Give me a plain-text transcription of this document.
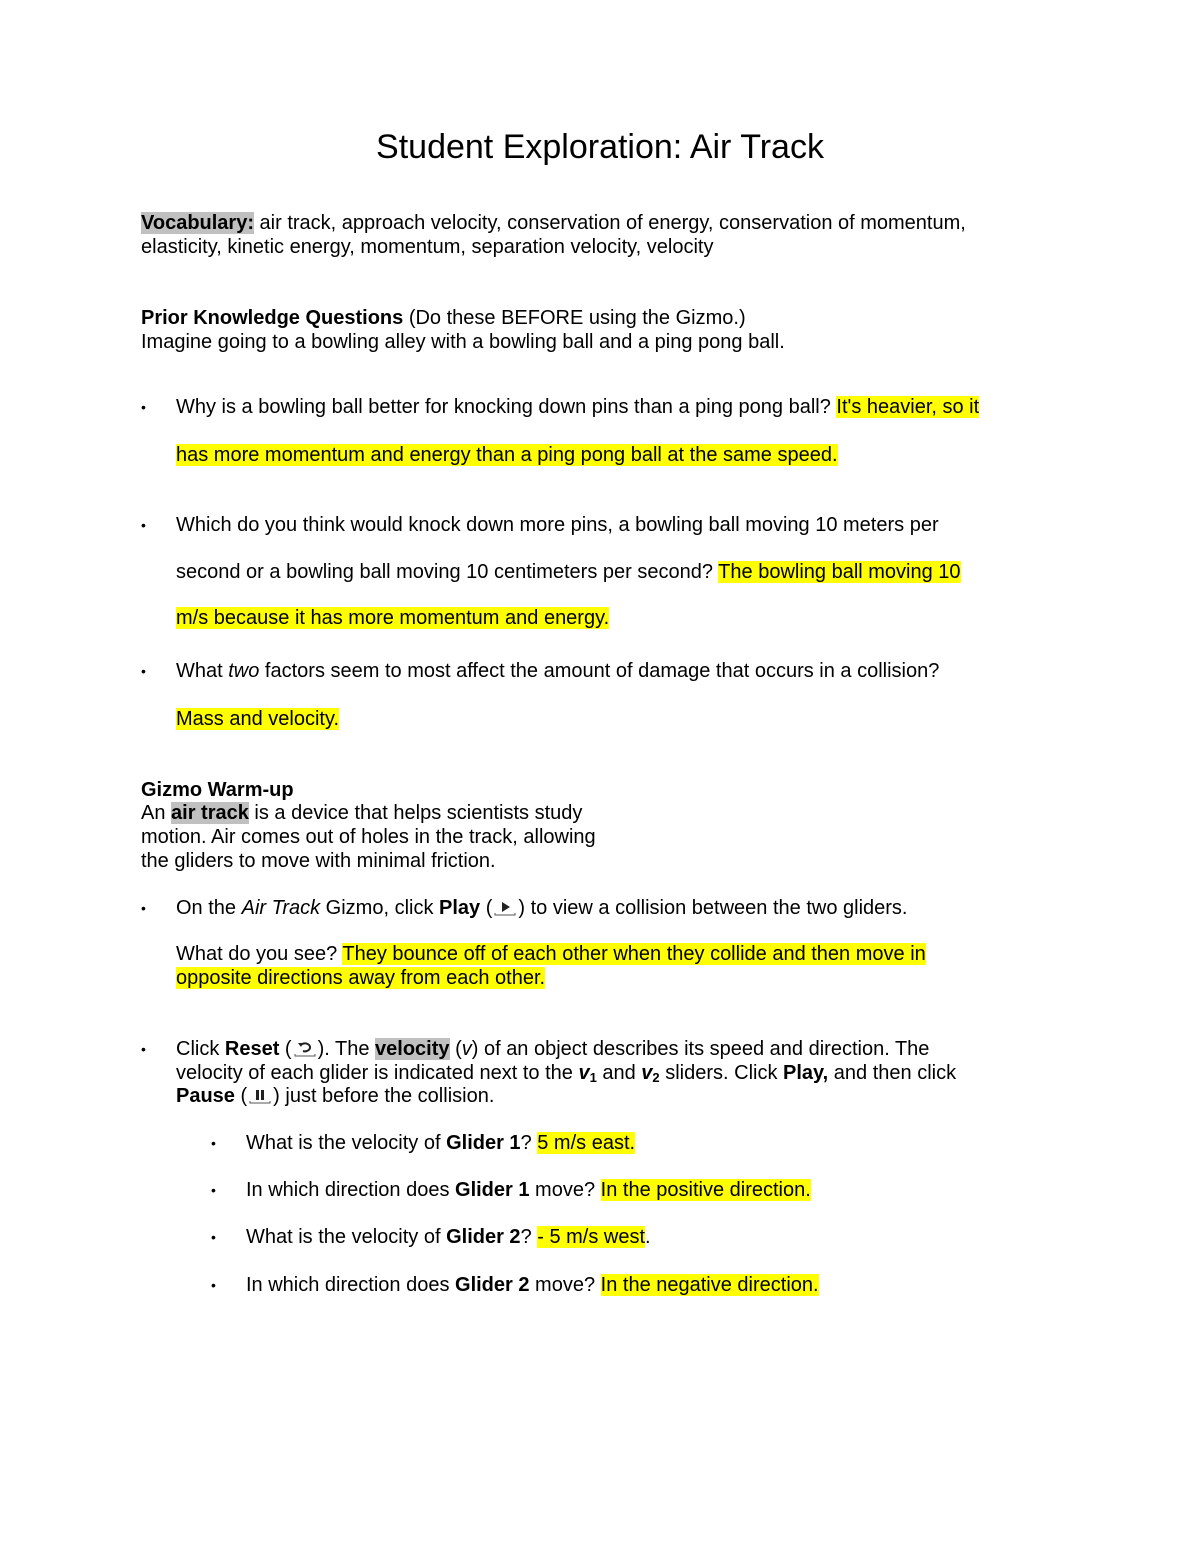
Student Exploration: Air Track
Vocabulary: air track, approach velocity, conservation of energy, conservation of momentum,
elasticity, kinetic energy, momentum, separation velocity, velocity
Prior Knowledge Questions (Do these BEFORE using the Gizmo.)
Imagine going to a bowling alley with a bowling ball and a ping pong ball.
• Why is a bowling ball better for knocking down pins than a ping pong ball? It's heavier, so it
has more momentum and energy than a ping pong ball at the same speed.
• Which do you think would knock down more pins, a bowling ball moving 10 meters per
second or a bowling ball moving 10 centimeters per second? The bowling ball moving 10
m/s because it has more momentum and energy.
• What two factors seem to most affect the amount of damage that occurs in a collision?
Mass and velocity.
Gizmo Warm-up
An air track is a device that helps scientists study
motion. Air comes out of holes in the track, allowing
the gliders to move with minimal friction.
• On the Air Track Gizmo, click Play ( ) to view a collision between the two gliders.
What do you see? They bounce off of each other when they collide and then move in
opposite directions away from each other.
• Click Reset ( ). The velocity (v) of an object describes its speed and direction. The
velocity of each glider is indicated next to the $v_1$ and $v_2$ sliders. Click Play, and then click
Pause ( ) just before the collision.
• What is the velocity of Glider 1? 5 m/s east.
• In which direction does Glider 1 move? In the positive direction.
• What is the velocity of Glider 2? - 5 m/s west.
• In which direction does Glider 2 move? In the negative direction.
